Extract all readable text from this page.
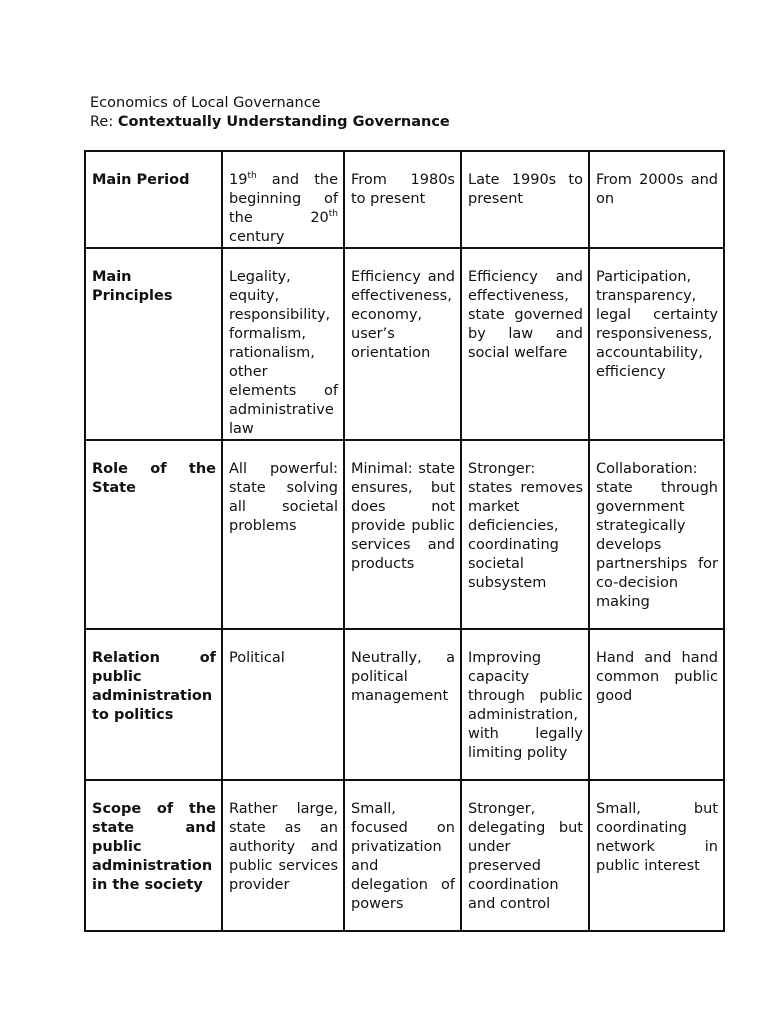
Economics of Local Governance
Re: Contextually Understanding Governance
Main Period	19th and the beginning of the 20th century	From 1980s to present	Late 1990s to present	From 2000s and on
Main Principles	Legality, equity, responsibility, formalism, rationalism, other elements of administrative law	Efficiency and effectiveness, economy, user’s orientation	Efficiency and effectiveness, state governed by law and social welfare	Participation, transparency, legal certainty responsiveness, accountability, efficiency
Role of the State	All powerful: state solving all societal problems	Minimal: state ensures, but does not provide public services and products	Stronger: states removes market deficiencies, coordinating societal subsystem	Collaboration: state through government strategically develops partnerships for co-decision making
Relation of public administration to politics	Political	Neutrally, a political management	Improving capacity through public administration, with legally limiting polity	Hand and hand common public good
Scope of the state and public administration in the society	Rather large, state as an authority and public services provider	Small, focused on privatization and delegation of powers	Stronger, delegating but under preserved coordination and control	Small, but coordinating network in public interest
